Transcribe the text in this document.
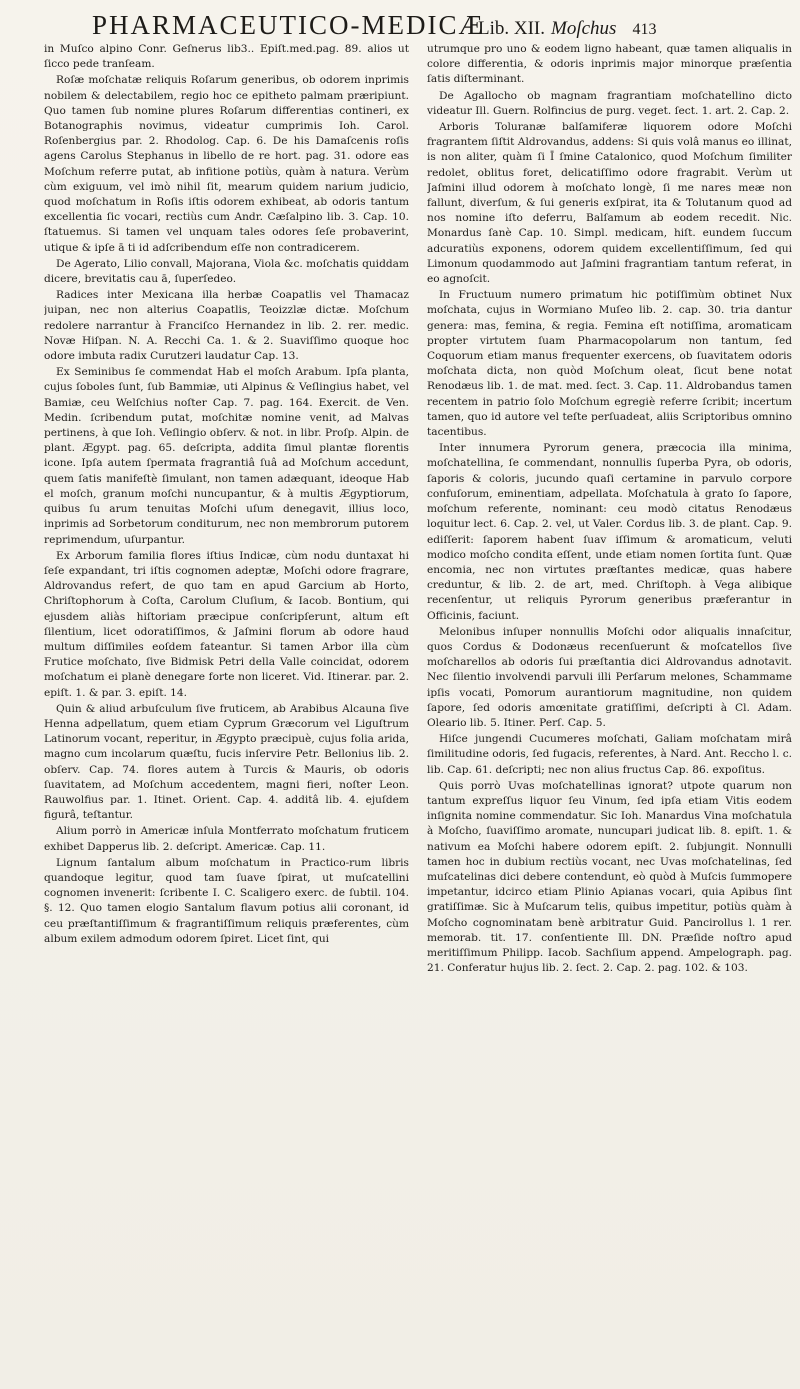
PHARMACEUTICO-MEDICÆ
Lib. XII. Moſchus 413

in Muſco alpino Conr. Geſnerus lib3.. Epiſt.med.pag. 89. alios ut ſicco pede tranſeam.

Roſæ moſchatæ reliquis Roſarum generibus, ob odorem inprimis nobilem & delectabilem, regio hoc ce epitheto palmam præripiunt. Quo tamen ſub nomine plures Roſarum differentias contineri, ex Botanographis novimus, videatur cumprimis Ioh. Carol. Roſenbergius par. 2. Rhodolog. Cap. 6. De his Damaſcenis roſis agens Carolus Stephanus in libello de re hort. pag. 31. odore eas Moſchum referre putat, ab infitione potiùs, quàm à natura. Verùm cùm exiguum, vel imò nihil ſit, mearum quidem narium judicio, quod moſchatum in Roſis iſtis odorem exhibeat, ab odoris tantum excellentia ſic vocari, rectiùs cum Andr. Cæſalpino lib. 3. Cap. 10. ſtatuemus. Si tamen vel unquam tales odores ſeſe probaverint, utique & ipſe ā ti id adſcribendum eſſe non contradicerem.

De Agerato, Lilio convall, Majorana, Viola &c. moſchatis quiddam dicere, brevitatis cau ā, ſuperſedeo.

Radices inter Mexicana illa herbæ Coapatlis vel Thamacaz juipan, nec non alterius Coapatlis, Teoizzlæ dictæ. Moſchum redolere narrantur à Franciſco Hernandez in lib. 2. rer. medic. Novæ Hiſpan. N. A. Recchi Ca. 1. & 2. Suaviſſimo quoque hoc odore imbuta radix Curutzeri laudatur Cap. 13.

Ex Seminibus ſe commendat Hab el moſch Arabum. Ipſa planta, cujus ſoboles ſunt, ſub Bammiæ, uti Alpinus & Veſlingius habet, vel Bamiæ, ceu Welſchius noſter Cap. 7. pag. 164. Exercit. de Ven. Medin. ſcribendum putat, moſchitæ nomine venit, ad Malvas pertinens, à que Ioh. Veſlingio obſerv. & not. in libr. Proſp. Alpin. de plant. Ægypt. pag. 65. deſcripta, addita ſimul plantæ florentis icone. Ipſa autem ſpermata fragrantiâ ſuâ ad Moſchum accedunt, quem ſatis manifeſtè ſimulant, non tamen adæquant, ideoque Hab el moſch, granum moſchi nuncupantur, & à multis Ægyptiorum, quibus ſu arum tenuitas Moſchi uſum denegavit, illius loco, inprimis ad Sorbetorum conditurum, nec non membrorum putorem reprimendum, uſurpantur.

Ex Arborum familia flores iſtius Indicæ, cùm nodu duntaxat hi ſeſe expandant, tri iſtis cognomen adeptæ, Moſchi odore fragrare, Aldrovandus refert, de quo tam en apud Garcium ab Horto, Chriſtophorum à Coſta, Carolum Cluſium, & Iacob. Bontium, qui ejusdem aliàs hiſtoriam præcipue conſcripſerunt, altum eſt ſilentium, licet odoratiſſimos, & Jaſmini florum ab odore haud multum diſſimiles eoſdem fateantur. Si tamen Arbor illa cùm Frutice moſchato, ſive Bidmisk Petri della Valle coincidat, odorem moſchatum ei planè denegare forte non liceret. Vid. Itinerar. par. 2. epiſt. 1. & par. 3. epiſt. 14.

Quin & aliud arbuſculum ſive fruticem, ab Arabibus Alcauna ſive Henna adpellatum, quem etiam Cyprum Græcorum vel Liguſtrum Latinorum vocant, reperitur, in Ægypto præcipuè, cujus folia arida, magno cum incolarum quæſtu, fucis inſervire Petr. Bellonius lib. 2. obſerv. Cap. 74. flores autem à Turcis & Mauris, ob odoris ſuavitatem, ad Moſchum accedentem, magni fieri, noſter Leon. Rauwolfius par. 1. Itinet. Orient. Cap. 4. additâ lib. 4. ejuſdem figurâ, teſtantur.

Alium porrò in Americæ inſula Montferrato moſchatum fruticem exhibet Dapperus lib. 2. deſcript. Americæ. Cap. 11.

Lignum ſantalum album moſchatum in Practico-rum libris quandoque legitur, quod tam ſuave ſpirat, ut muſcatellini cognomen invenerit: ſcribente I. C. Scaligero exerc. de ſubtil. 104. §. 12. Quo tamen elogio Santalum flavum potius alii coronant, id ceu præſtantiſſimum & fragrantiſſimum reliquis præferentes, cùm album exilem admodum odorem ſpiret. Licet ſint, qui

utrumque pro uno & eodem ligno habeant, quæ tamen aliqualis in colore differentia, & odoris inprimis major minorque præſentia ſatis diſterminant.

De Agallocho ob magnam fragrantiam moſchatellino dicto videatur Ill. Guern. Rolfincius de purg. veget. ſect. 1. art. 2. Cap. 2.

Arboris Toluranæ balſamiferæ liquorem odore Moſchi fragrantem ſiſtit Aldrovandus, addens: Si quis volâ manus eo illinat, is non aliter, quàm ſi Ī ſmine Catalonico, quod Moſchum ſimiliter redolet, oblitus foret, delicatiſſimo odore fragrabit. Verùm ut Jaſmini illud odorem à moſchato longè, ſi me nares meæ non fallunt, diverſum, & ſui generis exſpirat, ita & Tolutanum quod ad nos nomine iſto deferru, Balſamum ab eodem recedit. Nic. Monardus ſanè Cap. 10. Simpl. medicam, hiſt. eundem ſuccum adcuratiùs exponens, odorem quidem excellentiſſimum, ſed qui Limonum quodammodo aut Jaſmini fragrantiam tantum referat, in eo agnoſcit.

In Fructuum numero primatum hic potiſſimùm obtinet Nux moſchata, cujus in Wormiano Muſeo lib. 2. cap. 30. tria dantur genera: mas, femina, & regia. Femina eſt notiſſima, aromaticam propter virtutem ſuam Pharmacopolarum non tantum, ſed Coquorum etiam manus frequenter exercens, ob ſuavitatem odoris moſchata dicta, non quòd Moſchum oleat, ſicut bene notat Renodæus lib. 1. de mat. med. ſect. 3. Cap. 11. Aldrobandus tamen recentem in patrio ſolo Moſchum egregiè referre ſcribit; incertum tamen, quo id autore vel teſte perſuadeat, aliis Scriptoribus omnino tacentibus.

Inter innumera Pyrorum genera, præcocia illa minima, moſchatellina, ſe commendant, nonnullis ſuperba Pyra, ob odoris, ſaporis & coloris, jucundo quaſi certamine in parvulo corpore confuſorum, eminentiam, adpellata. Moſchatula à grato ſo ſapore, moſchum referente, nominant: ceu modò citatus Renodæus loquitur lect. 6. Cap. 2. vel, ut Valer. Cordus lib. 3. de plant. Cap. 9. ediſſerit: ſaporem habent ſuav iſſimum & aromaticum, veluti modico moſcho condita eſſent, unde etiam nomen ſortita ſunt. Quæ encomia, nec non virtutes præſtantes medicæ, quas habere creduntur, & lib. 2. de art, med. Chriſtoph. à Vega alibique recenſentur, ut reliquis Pyrorum generibus præferantur in Officinis, faciunt.

Melonibus inſuper nonnullis Moſchi odor aliqualis innaſcitur, quos Cordus & Dodonæus recenſuerunt & moſcatellos ſive moſcharellos ab odoris ſui præſtantia dici Aldrovandus adnotavit. Nec ſilentio involvendi parvuli illi Perſarum melones, Schammame ipſis vocati, Pomorum aurantiorum magnitudine, non quidem ſapore, ſed odoris amœnitate gratiſſimi, deſcripti à Cl. Adam. Oleario lib. 5. Itiner. Perſ. Cap. 5.

Hiſce jungendi Cucumeres moſchati, Galiam moſchatam mirâ ſimilitudine odoris, ſed fugacis, referentes, à Nard. Ant. Reccho l. c. lib. Cap. 61. deſcripti; nec non alius fructus Cap. 86. expoſitus.

Quis porrò Uvas moſchatellinas ignorat? utpote quarum non tantum expreſſus liquor ſeu Vinum, ſed ipſa etiam Vitis eodem inſignita nomine commendatur. Sic Ioh. Manardus Vina moſchatula à Moſcho, ſuaviſſimo aromate, nuncupari judicat lib. 8. epiſt. 1. & nativum ea Moſchi habere odorem epiſt. 2. ſubjungit. Nonnulli tamen hoc in dubium rectiùs vocant, nec Uvas moſchatelinas, ſed muſcatelinas dici debere contendunt, eò quòd à Muſcis ſummopere impetantur, idcirco etiam Plinio Apianas vocari, quia Apibus ſint gratiſſimæ. Sic à Muſcarum telis, quibus impetitur, potiùs quàm à Moſcho cognominatam benè arbitratur Guid. Pancirollus l. 1 rer. memorab. tit. 17. conſentiente Ill. DN. Præſide noſtro apud meritiſſimum Philipp. Iacob. Sachſium append. Ampelograph. pag. 21. Conferatur hujus lib. 2. ſect. 2. Cap. 2. pag. 102. & 103.
